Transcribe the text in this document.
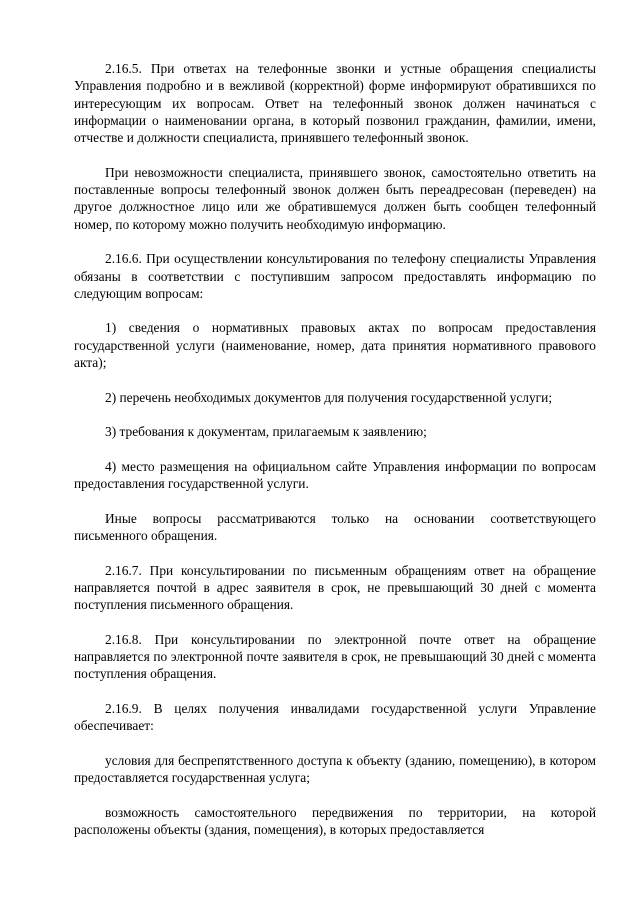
2.16.5. При ответах на телефонные звонки и устные обращения специалисты Управления подробно и в вежливой (корректной) форме информируют обратившихся по интересующим их вопросам. Ответ на телефонный звонок должен начинаться с информации о наименовании органа, в который позвонил гражданин, фамилии, имени, отчестве и должности специалиста, принявшего телефонный звонок.

При невозможности специалиста, принявшего звонок, самостоятельно ответить на поставленные вопросы телефонный звонок должен быть переадресован (переведен) на другое должностное лицо или же обратившемуся должен быть сообщен телефонный номер, по которому можно получить необходимую информацию.

2.16.6. При осуществлении консультирования по телефону специалисты Управления обязаны в соответствии с поступившим запросом предоставлять информацию по следующим вопросам:

1) сведения о нормативных правовых актах по вопросам предоставления государственной услуги (наименование, номер, дата принятия нормативного правового акта);

2) перечень необходимых документов для получения государственной услуги;

3) требования к документам, прилагаемым к заявлению;

4) место размещения на официальном сайте Управления информации по вопросам предоставления государственной услуги.

Иные вопросы рассматриваются только на основании соответствующего письменного обращения.

2.16.7. При консультировании по письменным обращениям ответ на обращение направляется почтой в адрес заявителя в срок, не превышающий 30 дней с момента поступления письменного обращения.

2.16.8. При консультировании по электронной почте ответ на обращение направляется по электронной почте заявителя в срок, не превышающий 30 дней с момента поступления обращения.

2.16.9. В целях получения инвалидами государственной услуги Управление обеспечивает:

условия для беспрепятственного доступа к объекту (зданию, помещению), в котором предоставляется государственная услуга;

возможность самостоятельного передвижения по территории, на которой расположены объекты (здания, помещения), в которых предоставляется
